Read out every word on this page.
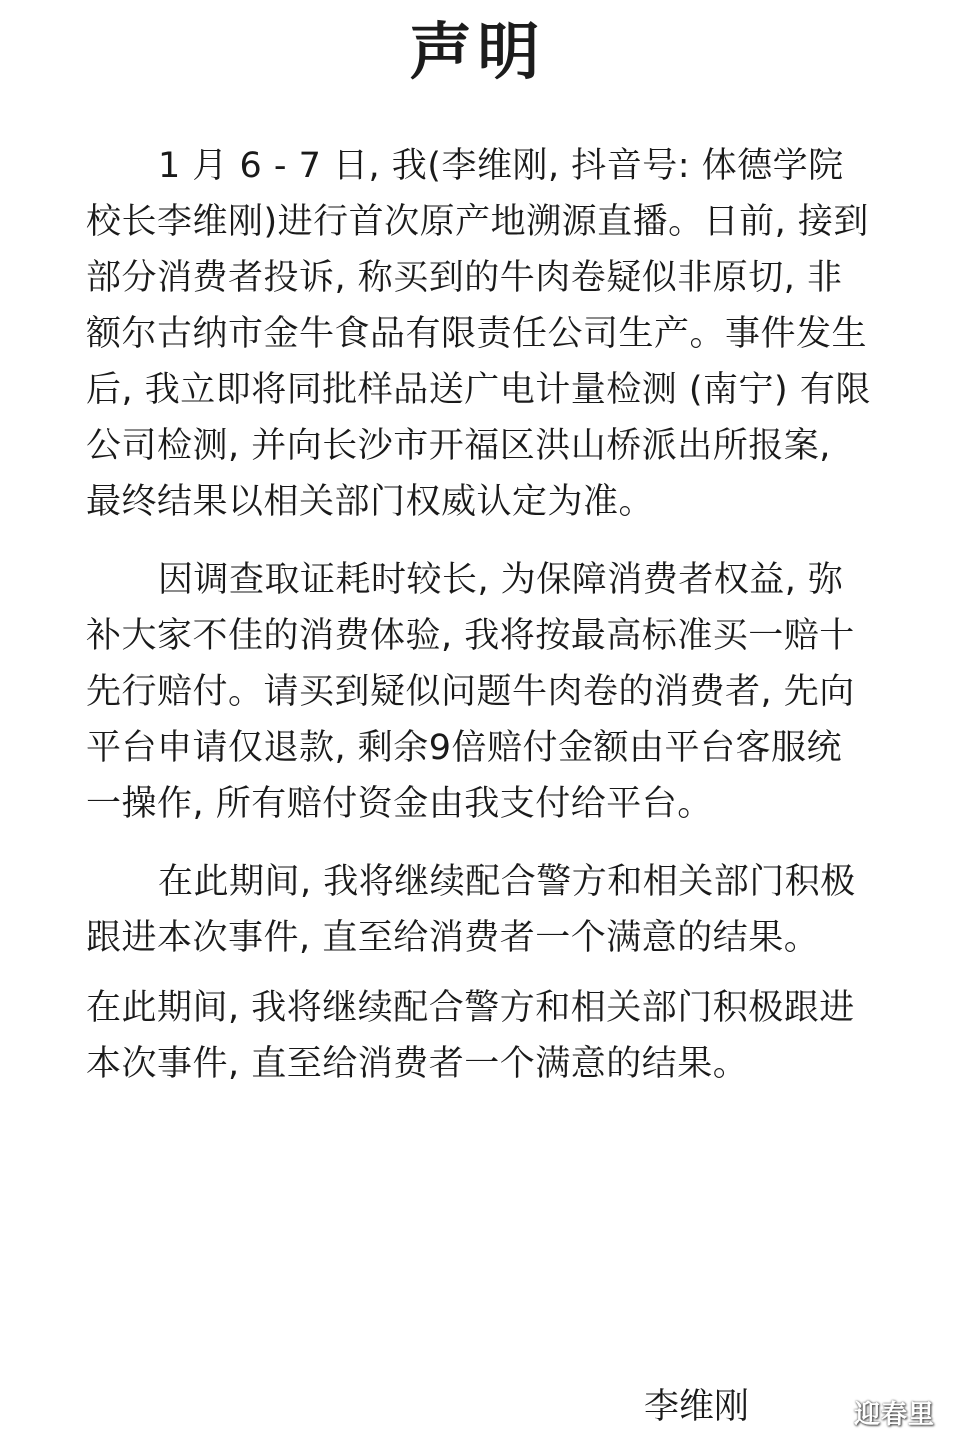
声明

1 月 6 - 7 日, 我(李维刚, 抖音号: 体德学院校长李维刚)进行首次原产地溯源直播。日前, 接到部分消费者投诉, 称买到的牛肉卷疑似非原切, 非额尔古纳市金牛食品有限责任公司生产。事件发生后, 我立即将同批样品送广电计量检测 (南宁) 有限公司检测, 并向长沙市开福区洪山桥派出所报案, 最终结果以相关部门权威认定为准。

因调查取证耗时较长, 为保障消费者权益, 弥补大家不佳的消费体验, 我将按最高标准买一赔十先行赔付。请买到疑似问题牛肉卷的消费者, 先向平台申请仅退款, 剩余9倍赔付金额由平台客服统一操作, 所有赔付资金由我支付给平台。

在此期间, 我将继续配合警方和相关部门积极跟进本次事件, 直至给消费者一个满意的结果。

在此期间, 我将继续配合警方和相关部门积极跟进本次事件, 直至给消费者一个满意的结果。

李维刚	迎春里
